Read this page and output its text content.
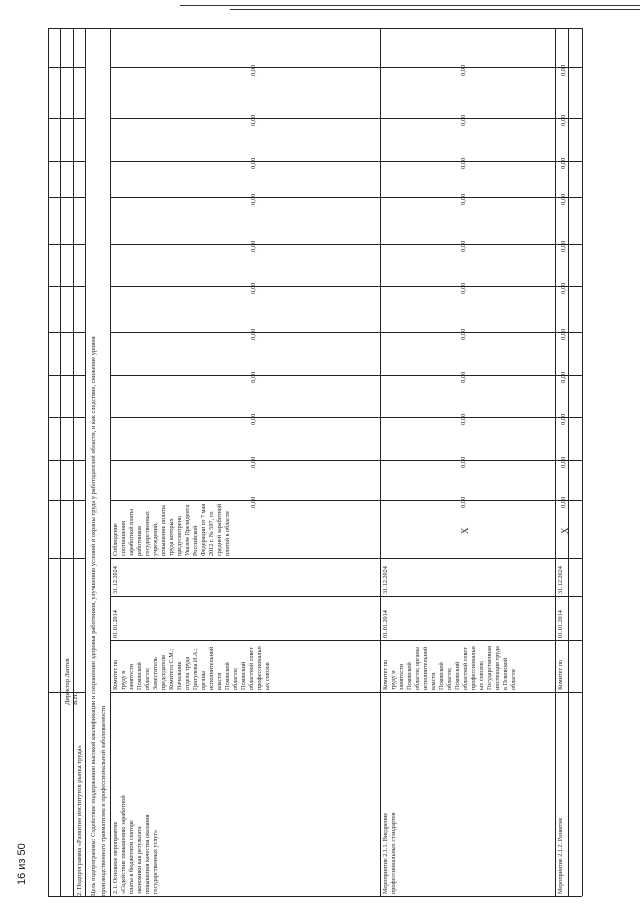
Директор Лаптев
В.Н.
2. Подпрограмма «Развитие институтов рынка труда» Цель подпрограммы: Содействие поддержанию высокой квалификации и сохранению здоровья работников, улучшению условий и охраны труда у работодателей области, и как следствие, снижение уровня производственного травматизма и профессиональной заболеваемости 2.1. Основное мероприятие
«Содействие повышению заработной
платы в бюджетном секторе
экономики как результата
повышения качества оказания
государственных услуг»
Комитет по
труду в
занятости
Псковской
области;
Заместитель
председателя
Комитета С.М.;
Начальник
отдела труда
Григулева И.А.;
органы
исполнительной
власти
Псковской
области;
Псковский
областной совет
профессиональн
ых союзов
01.01.2014
31.12.2024
Соблюдение
соотношения
заработной платы
работников
государственных
учреждений,
повышение оплаты
труда которых
предусмотрено
Указом Президента
Российской
Федерации от 7 мая
2012 г. № 597, со
средней заработной
платой в области
0,00
0,00
0,00
0,00
0,00
0,00
0,00
0,00
0,00
0,00
0,00
Мероприятие 2.1.1. Внедрение
профессиональных стандартов
Комитет по
труду и
занятости
Псковской
области; органы
исполнительной
власти
Псковской
области;
Псковский
областной совет
профессиональн
ых союзов;
Государственная
инспекция труда
в Псковской
области
01.01.2014
31.12.2024
X
0,00
0,00
0,00
0,00
0,00
0,00
0,00
0,00
0,00
0,00
0,00
Мероприятие 2.1.2. Развитие
Комитет по
01.01.2014
31.12.2024
X
0,00
0,00
0,00
0,00
0,00
0,00
0,00
0,00
0,00
0,00
0,00
16 из 50
